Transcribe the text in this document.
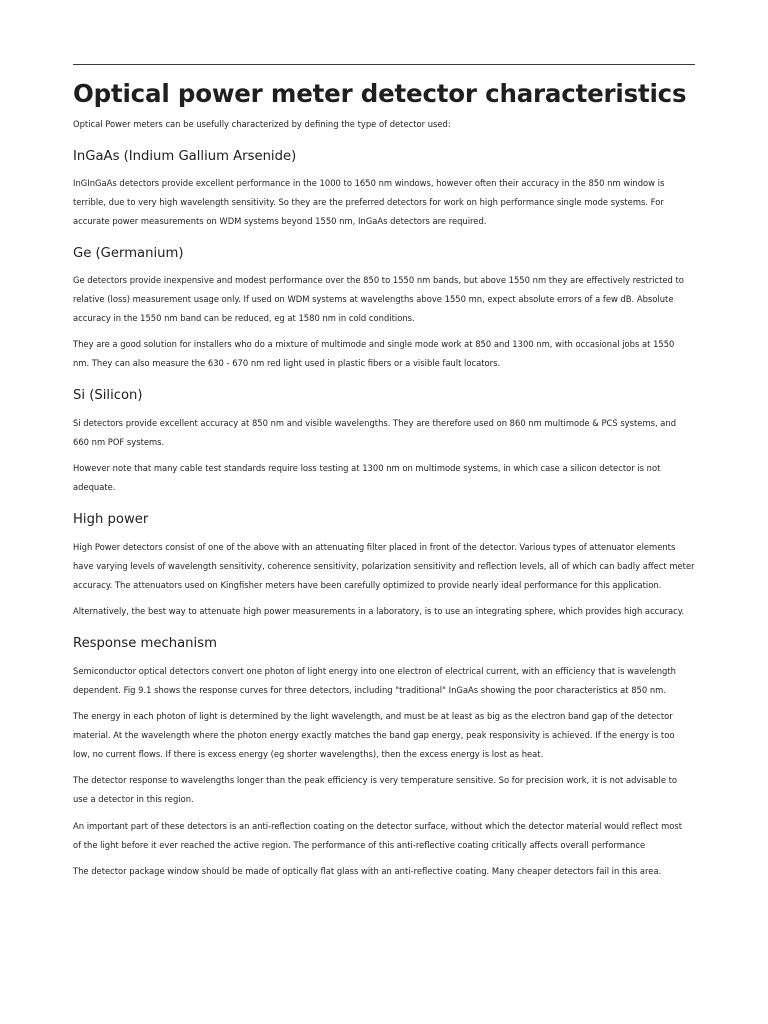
Optical power meter detector characteristics

Optical Power meters can be usefully characterized by defining the type of detector used:

InGaAs (Indium Gallium Arsenide)

InGInGaAs detectors provide excellent performance in the 1000 to 1650 nm windows, however often their accuracy in the 850 nm window is
terrible, due to very high wavelength sensitivity. So they are the preferred detectors for work on high performance single mode systems. For
accurate power measurements on WDM systems beyond 1550 nm, InGaAs detectors are required.

Ge (Germanium)

Ge detectors provide inexpensive and modest performance over the 850 to 1550 nm bands, but above 1550 nm they are effectively restricted to
relative (loss) measurement usage only. If used on WDM systems at wavelengths above 1550 mn, expect absolute errors of a few dB. Absolute
accuracy in the 1550 nm band can be reduced, eg at 1580 nm in cold conditions.

They are a good solution for installers who do a mixture of multimode and single mode work at 850 and 1300 nm, with occasional jobs at 1550
nm. They can also measure the 630 - 670 nm red light used in plastic fibers or a visible fault locators.

Si (Silicon)

Si detectors provide excellent accuracy at 850 nm and visible wavelengths. They are therefore used on 860 nm multimode & PCS systems, and
660 nm POF systems.

However note that many cable test standards require loss testing at 1300 nm on multimode systems, in which case a silicon detector is not
adequate.

High power

High Power detectors consist of one of the above with an attenuating filter placed in front of the detector. Various types of attenuator elements
have varying levels of wavelength sensitivity, coherence sensitivity, polarization sensitivity and reflection levels, all of which can badly affect meter
accuracy. The attenuators used on Kingfisher meters have been carefully optimized to provide nearly ideal performance for this application.

Alternatively, the best way to attenuate high power measurements in a laboratory, is to use an integrating sphere, which provides high accuracy.

Response mechanism

Semiconductor optical detectors convert one photon of light energy into one electron of electrical current, with an efficiency that is wavelength
dependent. Fig 9.1 shows the response curves for three detectors, including "traditional" InGaAs showing the poor characteristics at 850 nm.

The energy in each photon of light is determined by the light wavelength, and must be at least as big as the electron band gap of the detector
material. At the wavelength where the photon energy exactly matches the band gap energy, peak responsivity is achieved. If the energy is too
low, no current flows. If there is excess energy (eg shorter wavelengths), then the excess energy is lost as heat.

The detector response to wavelengths longer than the peak efficiency is very temperature sensitive. So for precision work, it is not advisable to
use a detector in this region.

An important part of these detectors is an anti-reflection coating on the detector surface, without which the detector material would reflect most
of the light before it ever reached the active region. The performance of this anti-reflective coating critically affects overall performance

The detector package window should be made of optically flat glass with an anti-reflective coating. Many cheaper detectors fail in this area.
